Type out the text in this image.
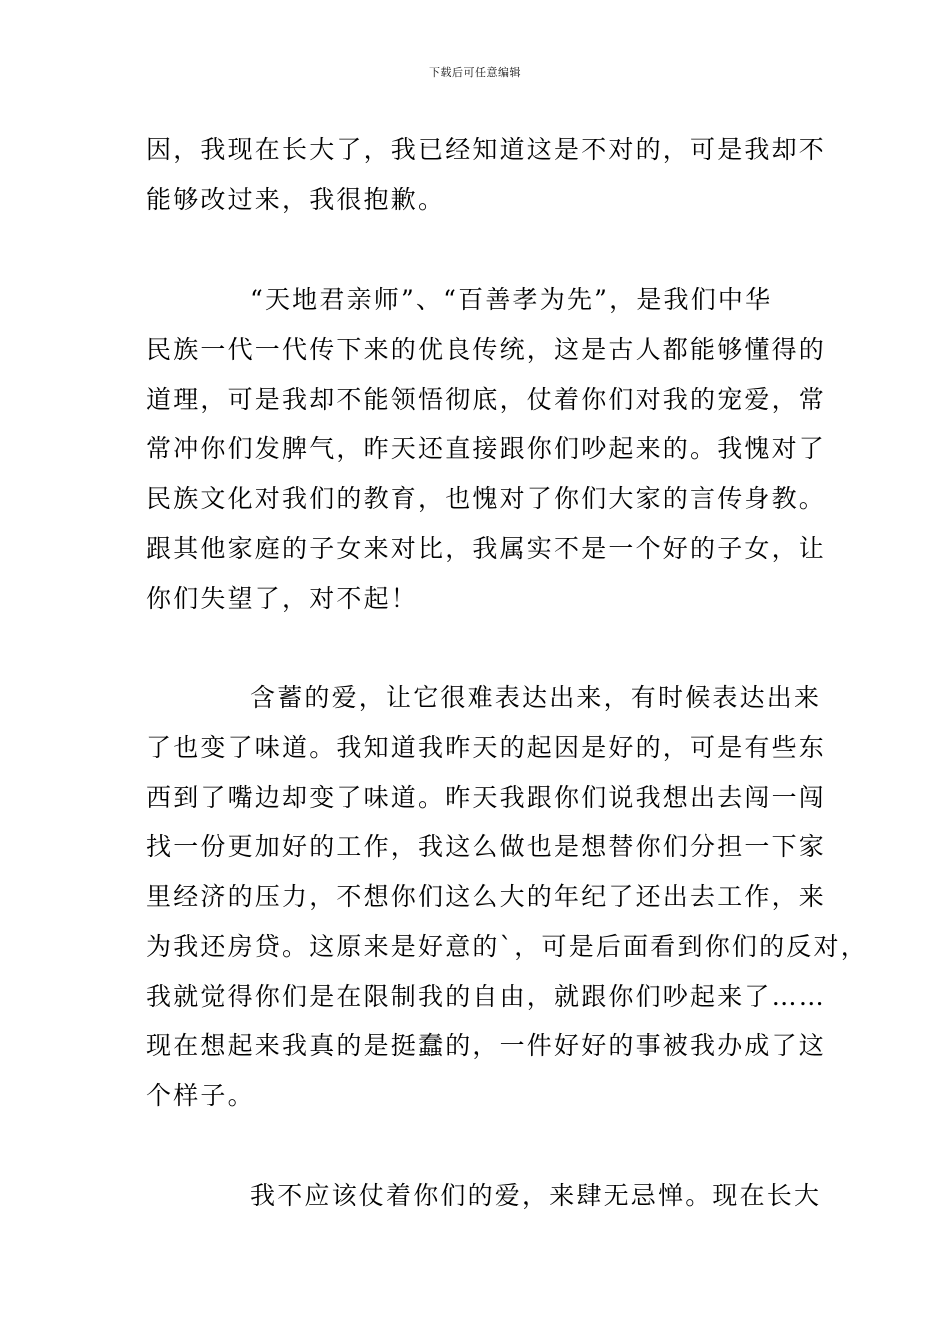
下载后可任意编辑
因，我现在长大了，我已经知道这是不对的，可是我却不
能够改过来，我很抱歉。
“天地君亲师”、“百善孝为先”，是我们中华
民族一代一代传下来的优良传统，这是古人都能够懂得的
道理，可是我却不能领悟彻底，仗着你们对我的宠爱，常
常冲你们发脾气，昨天还直接跟你们吵起来的。我愧对了
民族文化对我们的教育，也愧对了你们大家的言传身教。
跟其他家庭的子女来对比，我属实不是一个好的子女，让
你们失望了，对不起！
含蓄的爱，让它很难表达出来，有时候表达出来
了也变了味道。我知道我昨天的起因是好的，可是有些东
西到了嘴边却变了味道。昨天我跟你们说我想出去闯一闯
找一份更加好的工作，我这么做也是想替你们分担一下家
里经济的压力，不想你们这么大的年纪了还出去工作，来
为我还房贷。这原来是好意的`，可是后面看到你们的反对，
我就觉得你们是在限制我的自由，就跟你们吵起来了……
现在想起来我真的是挺蠢的，一件好好的事被我办成了这
个样子。
我不应该仗着你们的爱，来肆无忌惮。现在长大
